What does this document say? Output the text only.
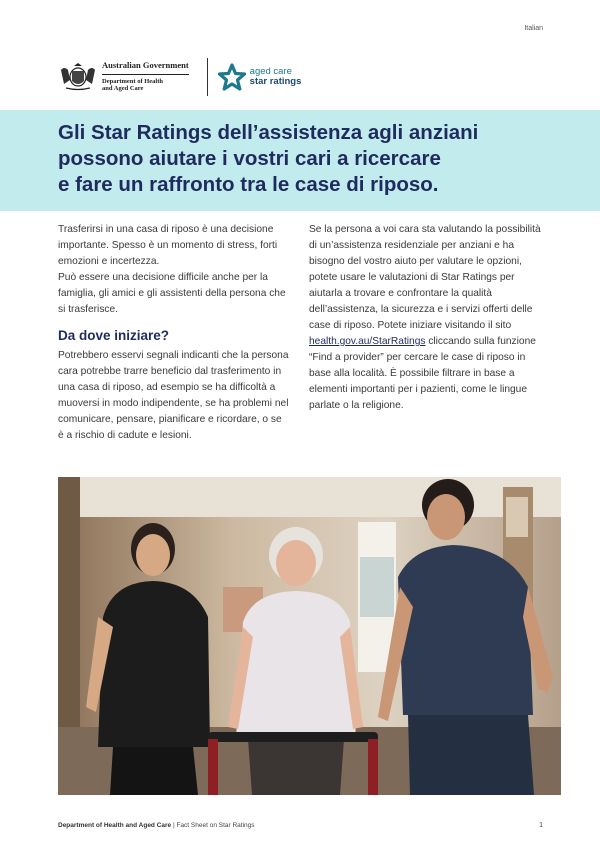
Italian
Australian Government
Department of Health
and Aged Care
aged care
star ratings
Gli Star Ratings dell’assistenza agli anziani
possono aiutare i vostri cari a ricercare
e fare un raffronto tra le case di riposo.

Trasferirsi in una casa di riposo è una decisione importante. Spesso è un momento di stress, forti emozioni e incertezza.

Può essere una decisione difficile anche per la famiglia, gli amici e gli assistenti della persona che si trasferisce.

Da dove iniziare?

Potrebbero esservi segnali indicanti che la persona cara potrebbe trarre beneficio dal trasferimento in una casa di riposo, ad esempio se ha difficoltà a muoversi in modo indipendente, se ha problemi nel comunicare, pensare, pianificare e ricordare, o se è a rischio di cadute e lesioni.

Se la persona a voi cara sta valutando la possibilità di un’assistenza residenziale per anziani e ha bisogno del vostro aiuto per valutare le opzioni, potete usare le valutazioni di Star Ratings per aiutarla a trovare e confrontare la qualità dell’assistenza, la sicurezza e i servizi offerti delle case di riposo. Potete iniziare visitando il sito health.gov.au/StarRatings cliccando sulla funzione “Find a provider” per cercare le case di riposo in base alla località. È possibile filtrare in base a elementi importanti per i pazienti, come le lingue parlate o la religione.

Department of Health and Aged Care | Fact Sheet on Star Ratings	1
